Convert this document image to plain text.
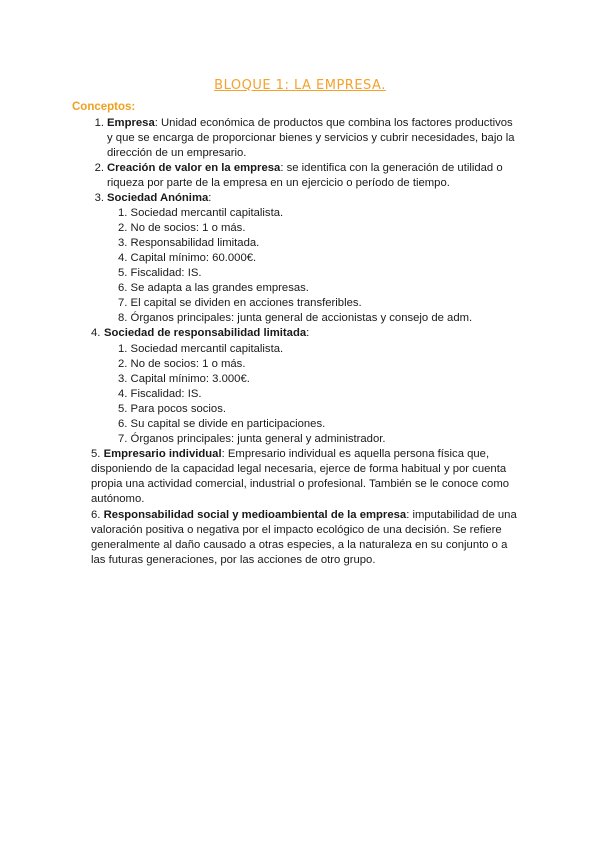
BLOQUE 1: LA EMPRESA.
Conceptos:
1. Empresa: Unidad económica de productos que combina los factores productivos y que se encarga de proporcionar bienes y servicios y cubrir necesidades, bajo la dirección de un empresario.
2. Creación de valor en la empresa: se identifica con la generación de utilidad o riqueza por parte de la empresa en un ejercicio o período de tiempo.
3. Sociedad Anónima:
1. Sociedad mercantil capitalista.
2. No de socios: 1 o más.
3. Responsabilidad limitada.
4. Capital mínimo: 60.000€.
5. Fiscalidad: IS.
6. Se adapta a las grandes empresas.
7. El capital se dividen en acciones transferibles.
8. Órganos principales: junta general de accionistas y consejo de adm.
4. Sociedad de responsabilidad limitada:
1. Sociedad mercantil capitalista.
2. No de socios: 1 o más.
3. Capital mínimo: 3.000€.
4. Fiscalidad: IS.
5. Para pocos socios.
6. Su capital se divide en participaciones.
7. Órganos principales: junta general y administrador.
5. Empresario individual: Empresario individual es aquella persona física que, disponiendo de la capacidad legal necesaria, ejerce de forma habitual y por cuenta propia una actividad comercial, industrial o profesional. También se le conoce como autónomo.
6. Responsabilidad social y medioambiental de la empresa: imputabilidad de una valoración positiva o negativa por el impacto ecológico de una decisión. Se refiere generalmente al daño causado a otras especies, a la naturaleza en su conjunto o a las futuras generaciones, por las acciones de otro grupo.
